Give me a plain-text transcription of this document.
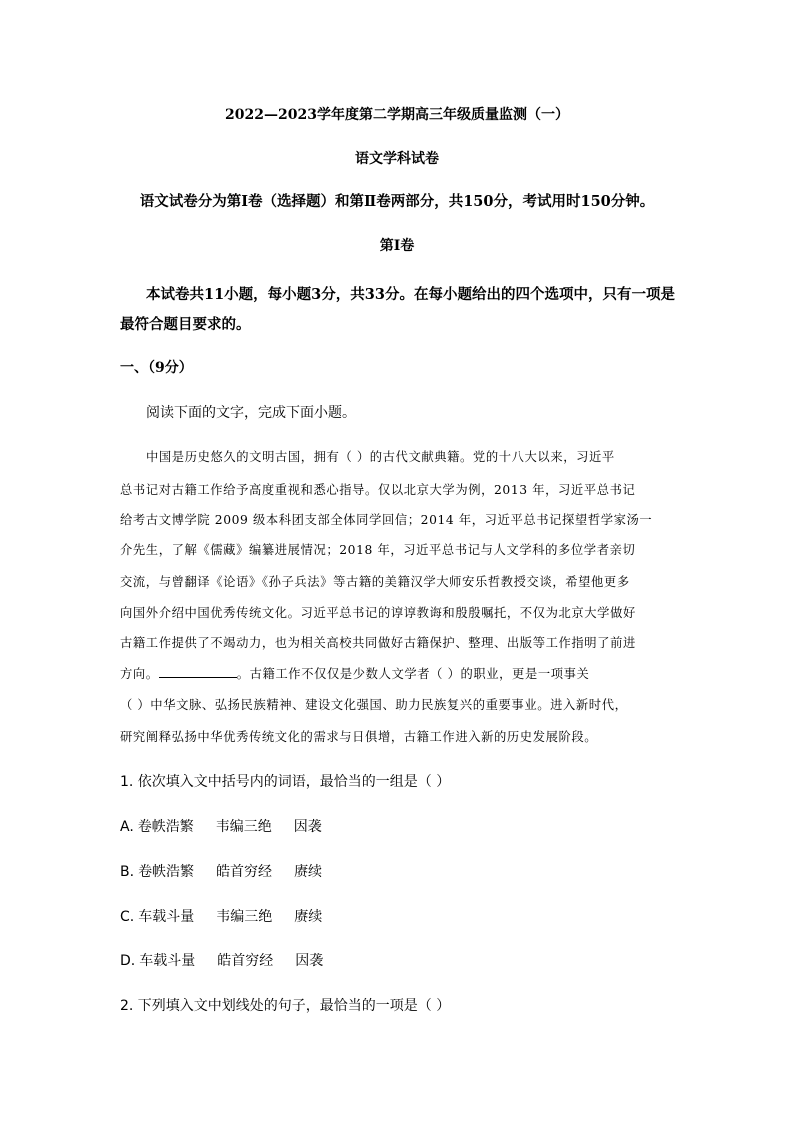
2022—2023学年度第二学期高三年级质量监测（一）
语文学科试卷
语文试卷分为第Ⅰ卷（选择题）和第Ⅱ卷两部分，共150分，考试用时150分钟。
第Ⅰ卷
本试卷共11小题，每小题3分，共33分。在每小题给出的四个选项中，只有一项是
最符合题目要求的。
一、（9分）
阅读下面的文字，完成下面小题。
中国是历史悠久的文明古国，拥有（ ）的古代文献典籍。党的十八大以来，习近平
总书记对古籍工作给予高度重视和悉心指导。仅以北京大学为例，2013 年，习近平总书记
给考古文博学院 2009 级本科团支部全体同学回信；2014 年，习近平总书记探望哲学家汤一
介先生，了解《儒藏》编纂进展情况；2018 年，习近平总书记与人文学科的多位学者亲切
交流，与曾翻译《论语》《孙子兵法》等古籍的美籍汉学大师安乐哲教授交谈，希望他更多
向国外介绍中国优秀传统文化。习近平总书记的谆谆教诲和殷殷嘱托，不仅为北京大学做好
古籍工作提供了不竭动力，也为相关高校共同做好古籍保护、整理、出版等工作指明了前进
方向。	。古籍工作不仅仅是少数人文学者（ ）的职业，更是一项事关
（ ）中华文脉、弘扬民族精神、建设文化强国、助力民族复兴的重要事业。进入新时代，
研究阐释弘扬中华优秀传统文化的需求与日俱增，古籍工作进入新的历史发展阶段。
1. 依次填入文中括号内的词语，最恰当的一组是（ ）
A. 卷帙浩繁 韦编三绝 因袭
B. 卷帙浩繁 皓首穷经 赓续
C. 车载斗量 韦编三绝 赓续
D. 车载斗量 皓首穷经 因袭
2. 下列填入文中划线处的句子，最恰当的一项是（ ）
